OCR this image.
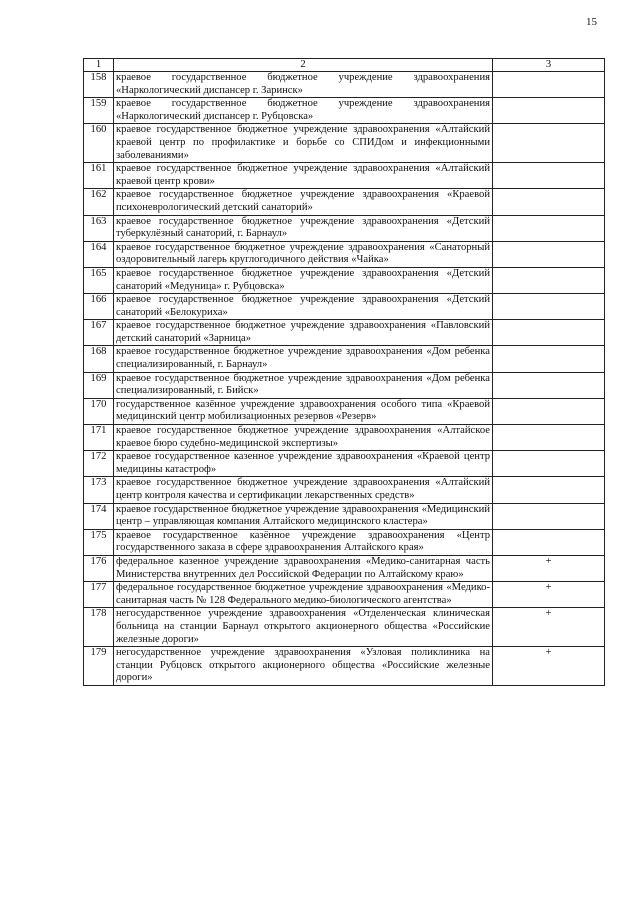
15
1	2	3
158	краевое государственное бюджетное учреждение здравоохранения «Наркологический диспансер г. Заринск»	
159	краевое государственное бюджетное учреждение здравоохранения «Наркологический диспансер г. Рубцовска»	
160	краевое государственное бюджетное учреждение здравоохранения «Алтайский краевой центр по профилактике и борьбе со СПИДом и инфекционными заболеваниями»	
161	краевое государственное бюджетное учреждение здравоохранения «Алтайский краевой центр крови»	
162	краевое государственное бюджетное учреждение здравоохранения «Краевой психоневрологический детский санаторий»	
163	краевое государственное бюджетное учреждение здравоохранения «Детский туберкулёзный санаторий, г. Барнаул»	
164	краевое государственное бюджетное учреждение здравоохранения «Санаторный оздоровительный лагерь круглогодичного действия «Чайка»	
165	краевое государственное бюджетное учреждение здравоохранения «Детский санаторий «Медуница» г. Рубцовска»	
166	краевое государственное бюджетное учреждение здравоохранения «Детский санаторий «Белокуриха»	
167	краевое государственное бюджетное учреждение здравоохранения «Павловский детский санаторий «Зарница»	
168	краевое государственное бюджетное учреждение здравоохранения «Дом ребенка специализированный, г. Барнаул»	
169	краевое государственное бюджетное учреждение здравоохранения «Дом ребенка специализированный, г. Бийск»	
170	государственное казённое учреждение здравоохранения особого типа «Краевой медицинский центр мобилизационных резервов «Резерв»	
171	краевое государственное бюджетное учреждение здравоохранения «Алтайское краевое бюро судебно-медицинской экспертизы»	
172	краевое государственное казенное учреждение здравоохранения «Краевой центр медицины катастроф»	
173	краевое государственное бюджетное учреждение здравоохранения «Алтайский центр контроля качества и сертификации лекарственных средств»	
174	краевое государственное бюджетное учреждение здравоохранения «Медицинский центр – управляющая компания Алтайского медицинского кластера»	
175	краевое государственное казённое учреждение здравоохранения «Центр государственного заказа в сфере здравоохранения Алтайского края»	
176	федеральное казенное учреждение здравоохранения «Медико-санитарная часть Министерства внутренних дел Российской Федерации по Алтайскому краю»	+
177	федеральное государственное бюджетное учреждение здравоохранения «Медико-санитарная часть № 128 Федерального медико-биологического агентства»	+
178	негосударственное учреждение здравоохранения «Отделенческая клиническая больница на станции Барнаул открытого акционерного общества «Российские железные дороги»	+
179	негосударственное учреждение здравоохранения «Узловая поликлиника на станции Рубцовск открытого акционерного общества «Российские железные дороги»	+
